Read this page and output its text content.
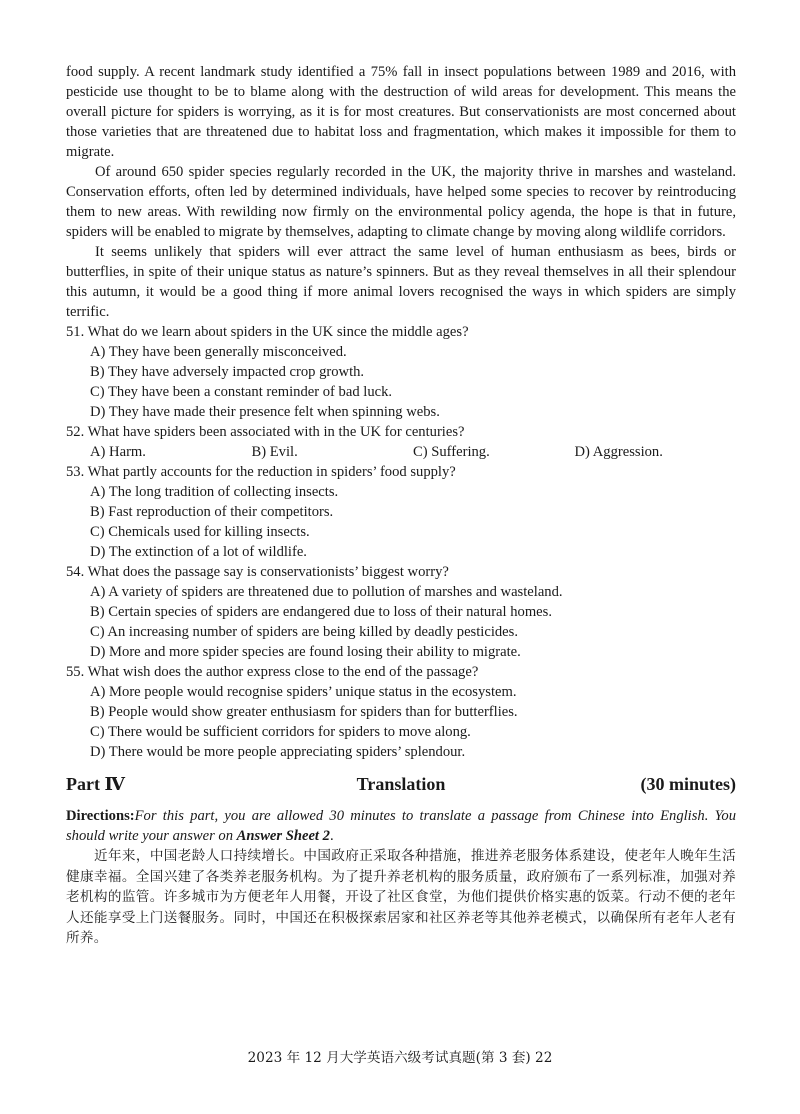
food supply. A recent landmark study identified a 75% fall in insect populations between 1989 and 2016, with pesticide use thought to be to blame along with the destruction of wild areas for development. This means the overall picture for spiders is worrying, as it is for most creatures. But conservationists are most concerned about those varieties that are threatened due to habitat loss and fragmentation, which makes it impossible for them to migrate.

Of around 650 spider species regularly recorded in the UK, the majority thrive in marshes and wasteland. Conservation efforts, often led by determined individuals, have helped some species to recover by reintroducing them to new areas. With rewilding now firmly on the environmental policy agenda, the hope is that in future, spiders will be enabled to migrate by themselves, adapting to climate change by moving along wildlife corridors.

It seems unlikely that spiders will ever attract the same level of human enthusiasm as bees, birds or butterflies, in spite of their unique status as nature’s spinners. But as they reveal themselves in all their splendour this autumn, it would be a good thing if more animal lovers recognised the ways in which spiders are simply terrific.

51. What do we learn about spiders in the UK since the middle ages?
A) They have been generally misconceived.
B) They have adversely impacted crop growth.
C) They have been a constant reminder of bad luck.
D) They have made their presence felt when spinning webs.
52. What have spiders been associated with in the UK for centuries?
A) Harm.	B) Evil.	C) Suffering.	D) Aggression.
53. What partly accounts for the reduction in spiders’ food supply?
A) The long tradition of collecting insects.
B) Fast reproduction of their competitors.
C) Chemicals used for killing insects.
D) The extinction of a lot of wildlife.
54. What does the passage say is conservationists’ biggest worry?
A) A variety of spiders are threatened due to pollution of marshes and wasteland.
B) Certain species of spiders are endangered due to loss of their natural homes.
C) An increasing number of spiders are being killed by deadly pesticides.
D) More and more spider species are found losing their ability to migrate.
55. What wish does the author express close to the end of the passage?
A) More people would recognise spiders’ unique status in the ecosystem.
B) People would show greater enthusiasm for spiders than for butterflies.
C) There would be sufficient corridors for spiders to move along.
D) There would be more people appreciating spiders’ splendour.
Part Ⅳ	Translation	(30 minutes)

Directions:For this part, you are allowed 30 minutes to translate a passage from Chinese into English. You should write your answer on Answer Sheet 2.

近年来，中国老龄人口持续增长。中国政府正采取各种措施，推进养老服务体系建设，使老年人晚年生活健康幸福。全国兴建了各类养老服务机构。为了提升养老机构的服务质量，政府颁布了一系列标准，加强对养老机构的监管。许多城市为方便老年人用餐，开设了社区食堂，为他们提供价格实惠的饭菜。行动不便的老年人还能享受上门送餐服务。同时，中国还在积极探索居家和社区养老等其他养老模式，以确保所有老年人老有所养。

2023 年 12 月大学英语六级考试真题(第 3 套) 22
